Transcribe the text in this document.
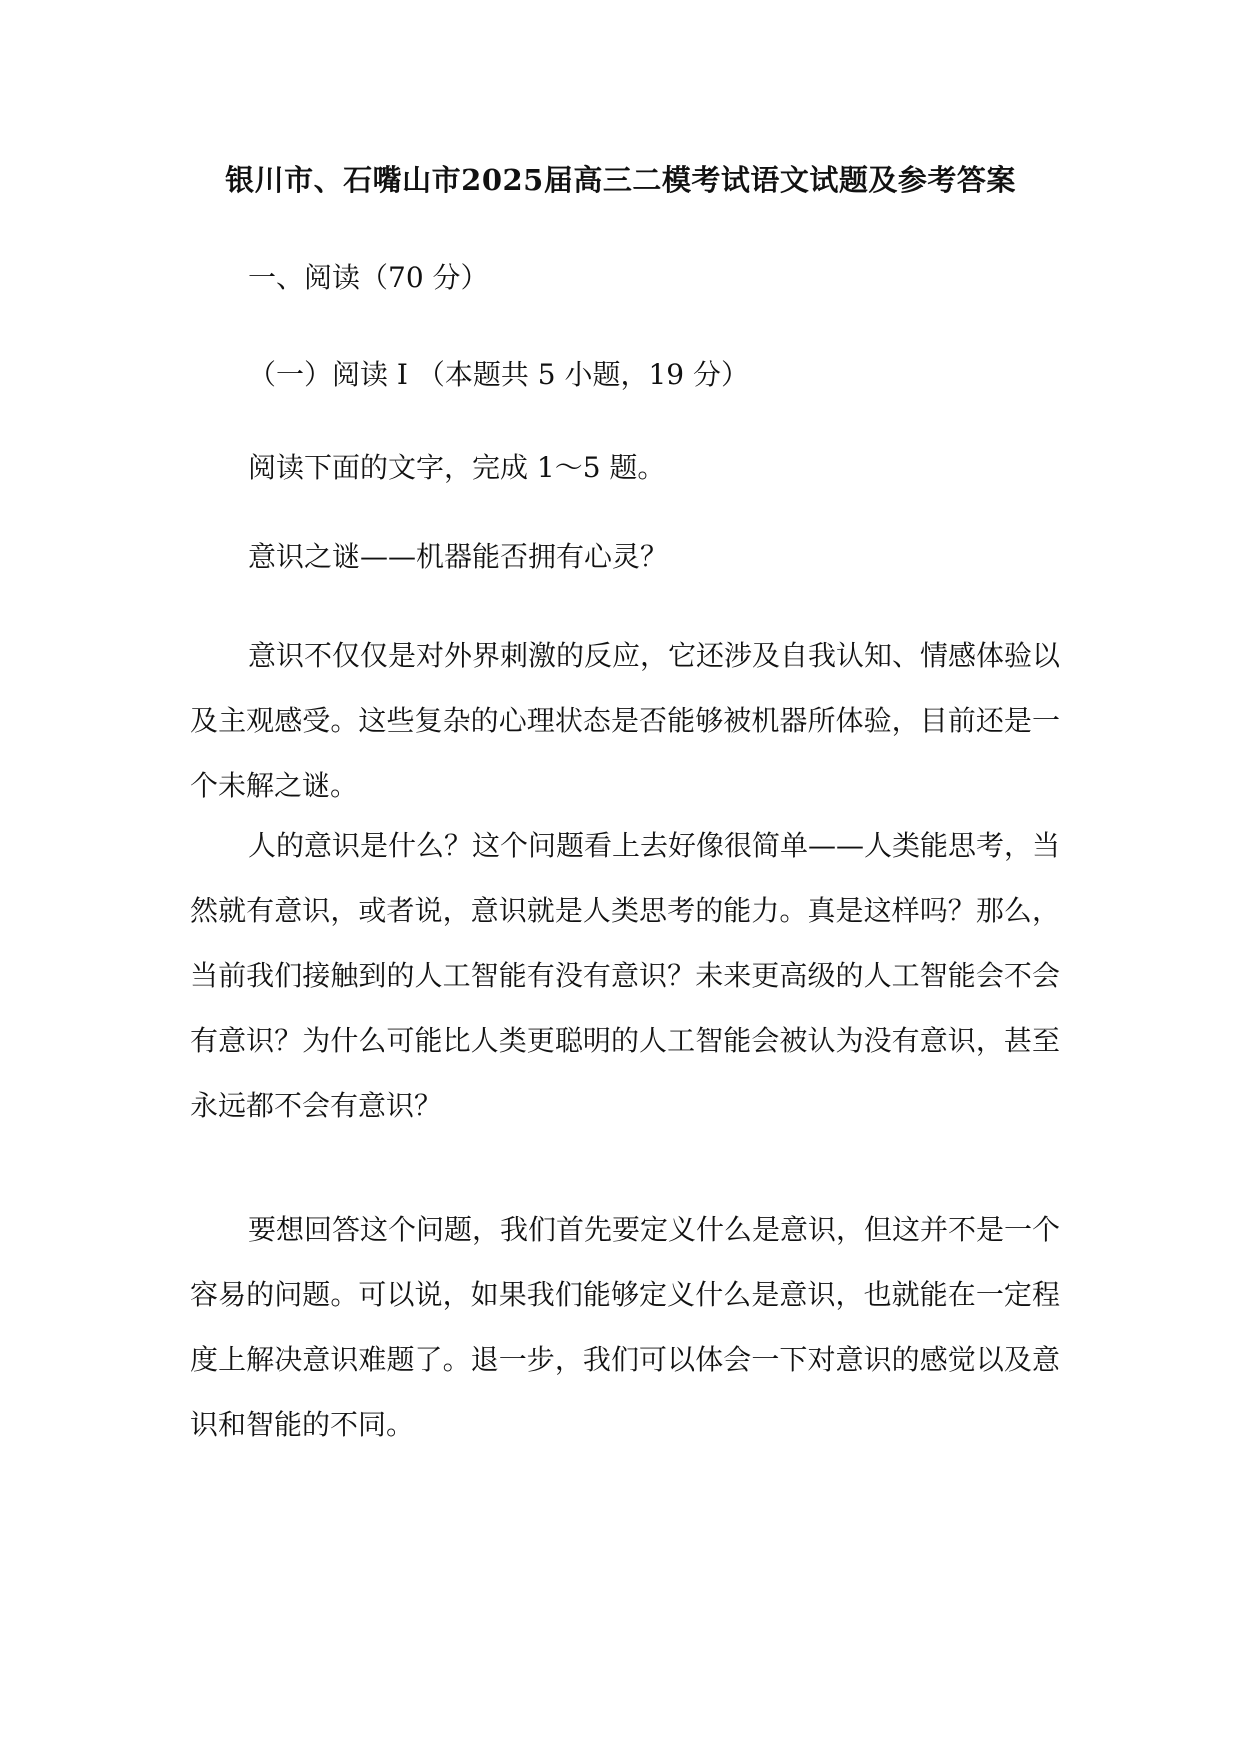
银川市、石嘴山市2025届高三二模考试语文试题及参考答案
一、阅读（70 分）
（一）阅读 I （本题共 5 小题，19 分）
阅读下面的文字，完成 1～5 题。
意识之谜——机器能否拥有心灵？
意识不仅仅是对外界刺激的反应，它还涉及自我认知、情感体验以及主观感受。这些复杂的心理状态是否能够被机器所体验，目前还是一个未解之谜。
人的意识是什么？这个问题看上去好像很简单——人类能思考，当然就有意识，或者说，意识就是人类思考的能力。真是这样吗？那么，当前我们接触到的人工智能有没有意识？未来更高级的人工智能会不会有意识？为什么可能比人类更聪明的人工智能会被认为没有意识，甚至永远都不会有意识？
要想回答这个问题，我们首先要定义什么是意识，但这并不是一个容易的问题。可以说，如果我们能够定义什么是意识，也就能在一定程度上解决意识难题了。退一步，我们可以体会一下对意识的感觉以及意识和智能的不同。
